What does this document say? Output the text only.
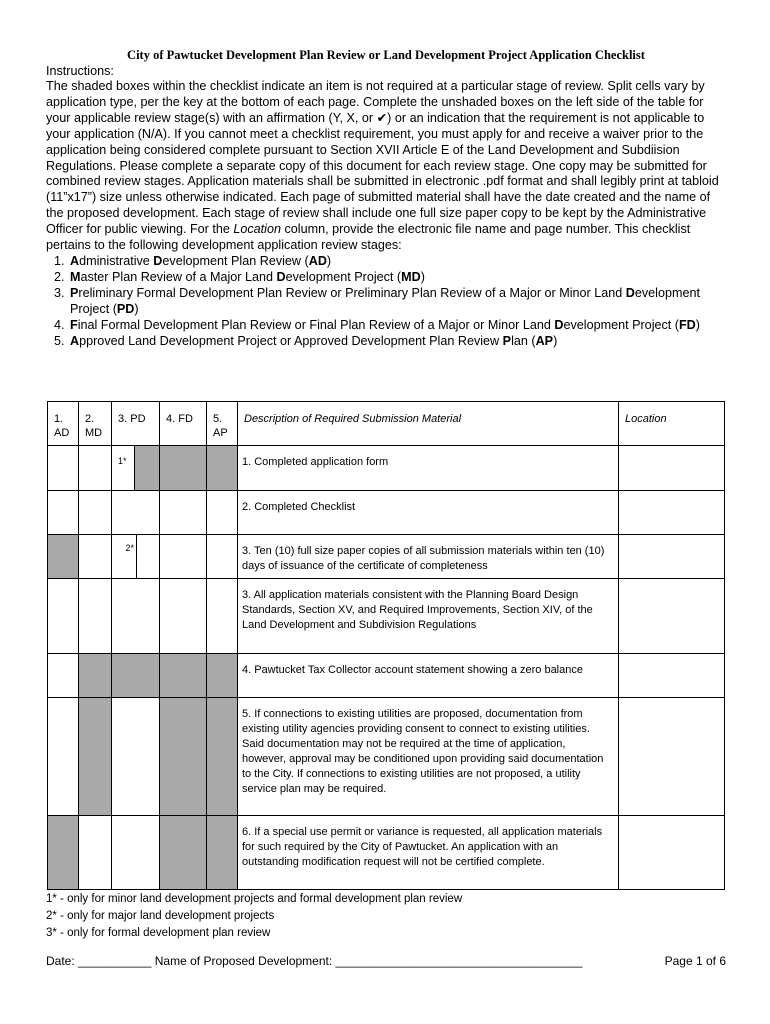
City of Pawtucket Development Plan Review or Land Development Project Application Checklist

Instructions:

The shaded boxes within the checklist indicate an item is not required at a particular stage of review. Split cells vary by application type, per the key at the bottom of each page. Complete the unshaded boxes on the left side of the table for your applicable review stage(s) with an affirmation (Y, X, or ✔) or an indication that the requirement is not applicable to your application (N/A). If you cannot meet a checklist requirement, you must apply for and receive a waiver prior to the application being considered complete pursuant to Section XVII Article E of the Land Development and Subdiision Regulations. Please complete a separate copy of this document for each review stage. One copy may be submitted for combined review stages. Application materials shall be submitted in electronic .pdf format and shall legibly print at tabloid (11”x17”) size unless otherwise indicated. Each page of submitted material shall have the date created and the name of the proposed development. Each stage of review shall include one full size paper copy to be kept by the Administrative Officer for public viewing. For the Location column, provide the electronic file name and page number. This checklist pertains to the following development application review stages:

1. Administrative Development Plan Review (AD)
2. Master Plan Review of a Major Land Development Project (MD)
3. Preliminary Formal Development Plan Review or Preliminary Plan Review of a Major or Minor Land Development Project (PD)
4. Final Formal Development Plan Review or Final Plan Review of a Major or Minor Land Development Project (FD)
5. Approved Land Development Project or Approved Development Plan Review Plan (AP)
1. AD	2. MD	3. PD	4. FD	5. AP	Description of Required Submission Material	Location

		1*			1. Completed application form	
					2. Completed Checklist	

		2*			3. Ten (10) full size paper copies of all submission materials within ten (10) days of issuance of the certificate of completeness	
					3. All application materials consistent with the Planning Board Design Standards, Section XV, and Required Improvements, Section XIV, of the Land Development and Subdivision Regulations	
					4. Pawtucket Tax Collector account statement showing a zero balance	
					5. If connections to existing utilities are proposed, documentation from existing utility agencies providing consent to connect to existing utilities. Said documentation may not be required at the time of application, however, approval may be conditioned upon providing said documentation to the City. If connections to existing utilities are not proposed, a utility service plan may be required.	
					6. If a special use permit or variance is requested, all application materials for such required by the City of Pawtucket. An application with an outstanding modification request will not be certified complete.	
1* - only for minor land development projects and formal development plan review
2* - only for major land development projects
3* - only for formal development plan review
Date: ___________ Name of Proposed Development: _____________________________________	Page 1 of 6
